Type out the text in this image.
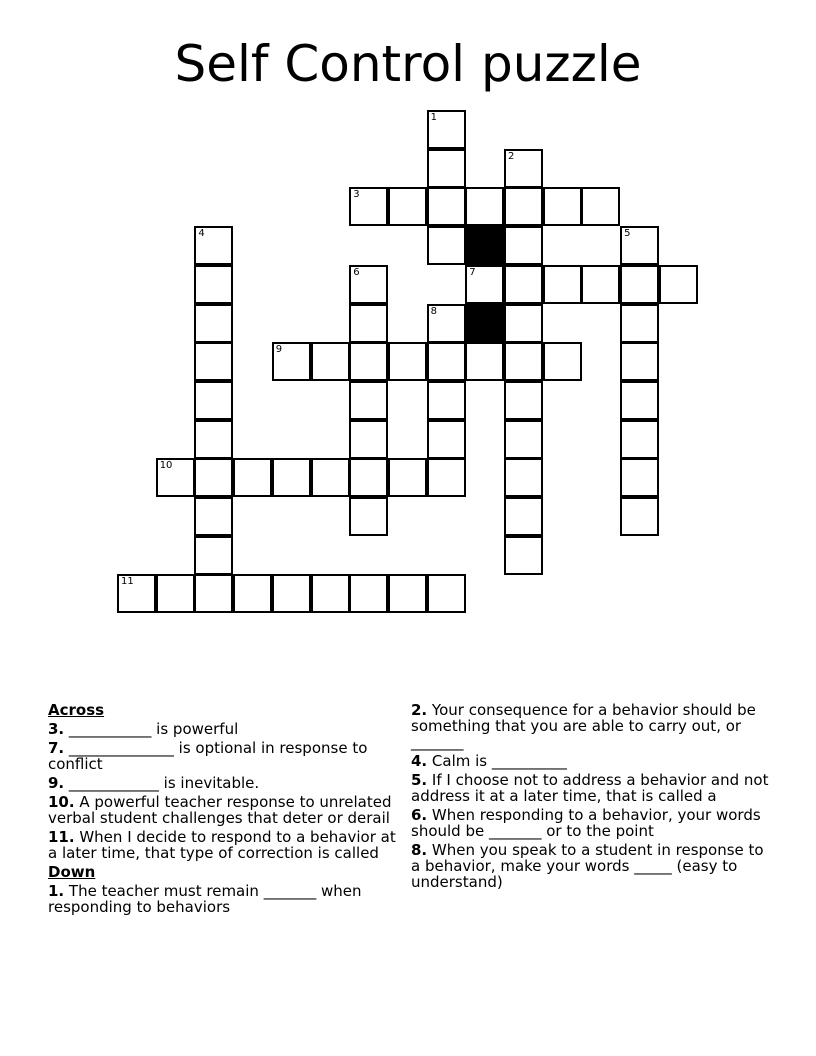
Self Control puzzle
1
2
3
4	5
6	7
8
9
10
11
Across
3. ___________ is powerful
7. ______________ is optional in response to conflict
9. ____________ is inevitable.
10. A powerful teacher response to unrelated verbal student challenges that deter or derail
11. When I decide to respond to a behavior at a later time, that type of correction is called
Down
1. The teacher must remain _______ when responding to behaviors
2. Your consequence for a behavior should be something that you are able to carry out, or _______
4. Calm is __________
5. If I choose not to address a behavior and not address it at a later time, that is called a
6. When responding to a behavior, your words should be _______ or to the point
8. When you speak to a student in response to a behavior, make your words _____ (easy to understand)
